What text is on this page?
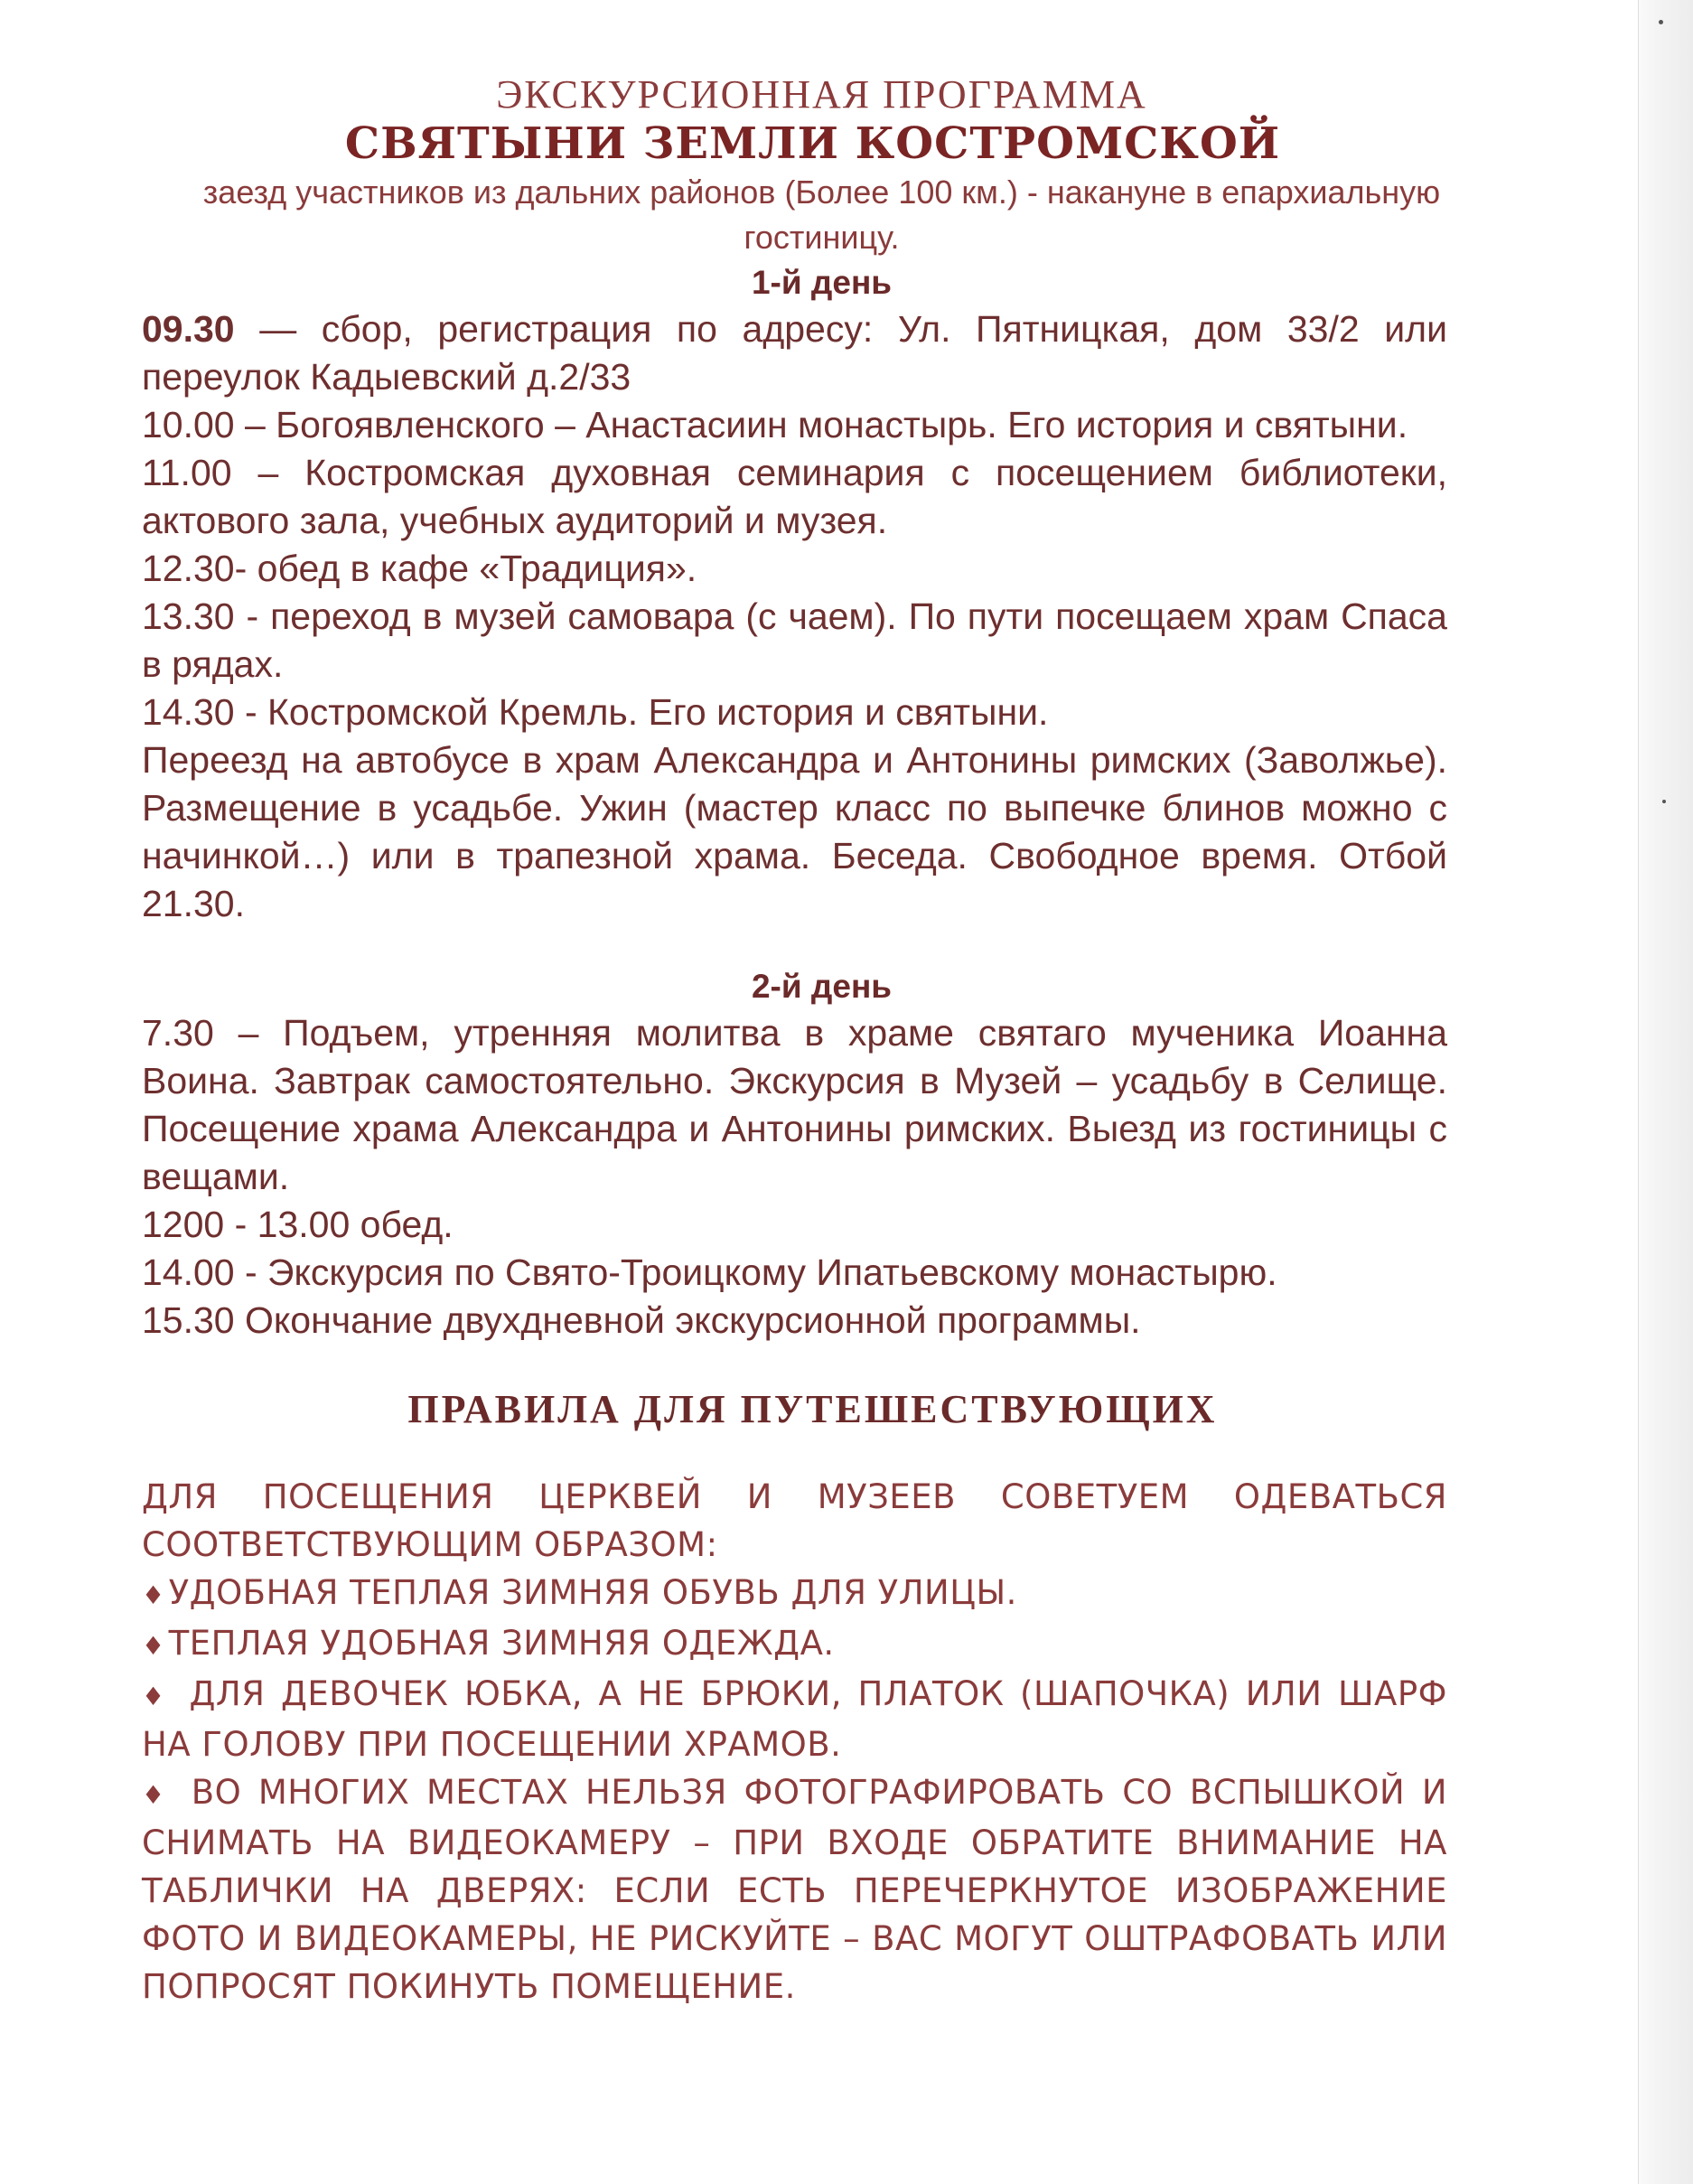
ЭКСКУРСИОННАЯ ПРОГРАММА

СВЯТЫНИ ЗЕМЛИ КОСТРОМСКОЙ

заезд участников из дальних районов (Более 100 км.) - накануне в епархиальную гостиницу.

1-й день

09.30 — сбор, регистрация по адресу: Ул. Пятницкая, дом 33/2 или переулок Кадыевский д.2/33

10.00 – Богоявленского – Анастасиин монастырь. Его история и святыни.

11.00 – Костромская духовная семинария с посещением библиотеки, актового зала, учебных аудиторий и музея.

12.30- обед в кафе «Традиция».

13.30 - переход в музей самовара (с чаем). По пути посещаем храм Спаса в рядах.

14.30 - Костромской Кремль. Его история и святыни.

Переезд на автобусе в храм Александра и Антонины римских (Заволжье). Размещение в усадьбе. Ужин (мастер класс по выпечке блинов можно с начинкой…) или в трапезной храма. Беседа. Свободное время. Отбой 21.30.

2-й день

7.30 – Подъем, утренняя молитва в храме святаго мученика Иоанна Воина. Завтрак самостоятельно. Экскурсия в Музей – усадьбу в Селище. Посещение храма Александра и Антонины римских. Выезд из гостиницы с вещами.

1200 - 13.00 обед.

14.00 - Экскурсия по Свято-Троицкому Ипатьевскому монастырю.

15.30 Окончание двухдневной экскурсионной программы.

ПРАВИЛА ДЛЯ ПУТЕШЕСТВУЮЩИХ

ДЛЯ ПОСЕЩЕНИЯ ЦЕРКВЕЙ И МУЗЕЕВ СОВЕТУЕМ ОДЕВАТЬСЯ СООТВЕТСТВУЮЩИМ ОБРАЗОМ:

♦ УДОБНАЯ ТЕПЛАЯ ЗИМНЯЯ ОБУВЬ ДЛЯ УЛИЦЫ.

♦ ТЕПЛАЯ УДОБНАЯ ЗИМНЯЯ ОДЕЖДА.

♦ ДЛЯ ДЕВОЧЕК ЮБКА, А НЕ БРЮКИ, ПЛАТОК (ШАПОЧКА) ИЛИ ШАРФ НА ГОЛОВУ ПРИ ПОСЕЩЕНИИ ХРАМОВ.

♦ ВО МНОГИХ МЕСТАХ НЕЛЬЗЯ ФОТОГРАФИРОВАТЬ СО ВСПЫШКОЙ И СНИМАТЬ НА ВИДЕОКАМЕРУ – ПРИ ВХОДЕ ОБРАТИТЕ ВНИМАНИЕ НА ТАБЛИЧКИ НА ДВЕРЯХ: ЕСЛИ ЕСТЬ ПЕРЕЧЕРКНУТОЕ ИЗОБРАЖЕНИЕ ФОТО И ВИДЕОКАМЕРЫ, НЕ РИСКУЙТЕ – ВАС МОГУТ ОШТРАФОВАТЬ ИЛИ ПОПРОСЯТ ПОКИНУТЬ ПОМЕЩЕНИЕ.
